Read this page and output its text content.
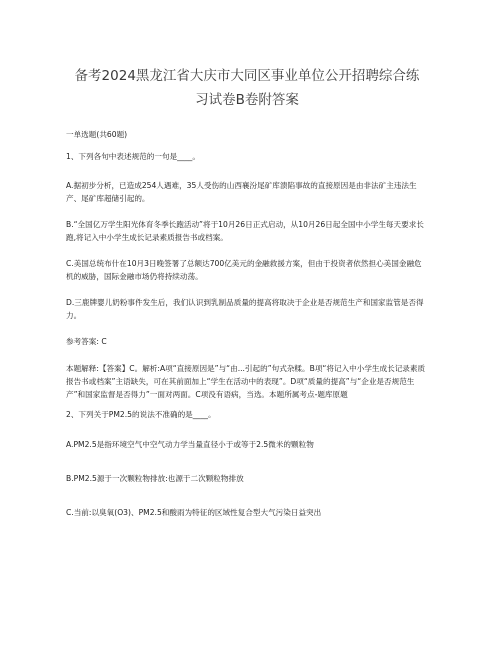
备考2024黑龙江省大庆市大同区事业单位公开招聘综合练
习试卷B卷附答案
一单选题(共60题)

1、下列各句中表述规范的一句是____。

A.据初步分析，已造成254人遇难，35人受伤的山西襄汾尾矿库溃陷事故的直接原因是由非法矿主违法生产、尾矿库超储引起的。

B.“全国亿万学生阳光体育冬季长跑活动”将于10月26日正式启动，从10月26日起全国中小学生每天要求长跑,将记入中小学生成长记录素质报告书或档案。

C.美国总统布什在10月3日晚签署了总额达700亿美元的金融救援方案，但由于投资者依然担心美国金融危机的威胁，国际金融市场仍将持续动荡。

D.三鹿牌婴儿奶粉事件发生后，我们认识到乳制品质量的提高将取决于企业是否规范生产和国家监管是否得力。

参考答案: C

本题解释:【答案】C。解析:A项“直接原因是”与“由...引起的”句式杂糅。B项“将记入中小学生成长记录素质报告书或档案”主语缺失，可在其前面加上“学生在活动中的表现”。D项“质量的提高”与“企业是否规范生产”和国家监督是否得力”一面对两面。C项没有语病，当选。本题所属考点-题库原题

2、下列关于PM2.5的说法不准确的是____。

A.PM2.5是指环境空气中空气动力学当量直径小于或等于2.5微米的颗粒物

B.PM2.5源于一次颗粒物排放:也源于二次颗粒物排放

C.当前:以臭氧(O3)、PM2.5和酸雨为特征的区域性复合型大气污染日益突出
